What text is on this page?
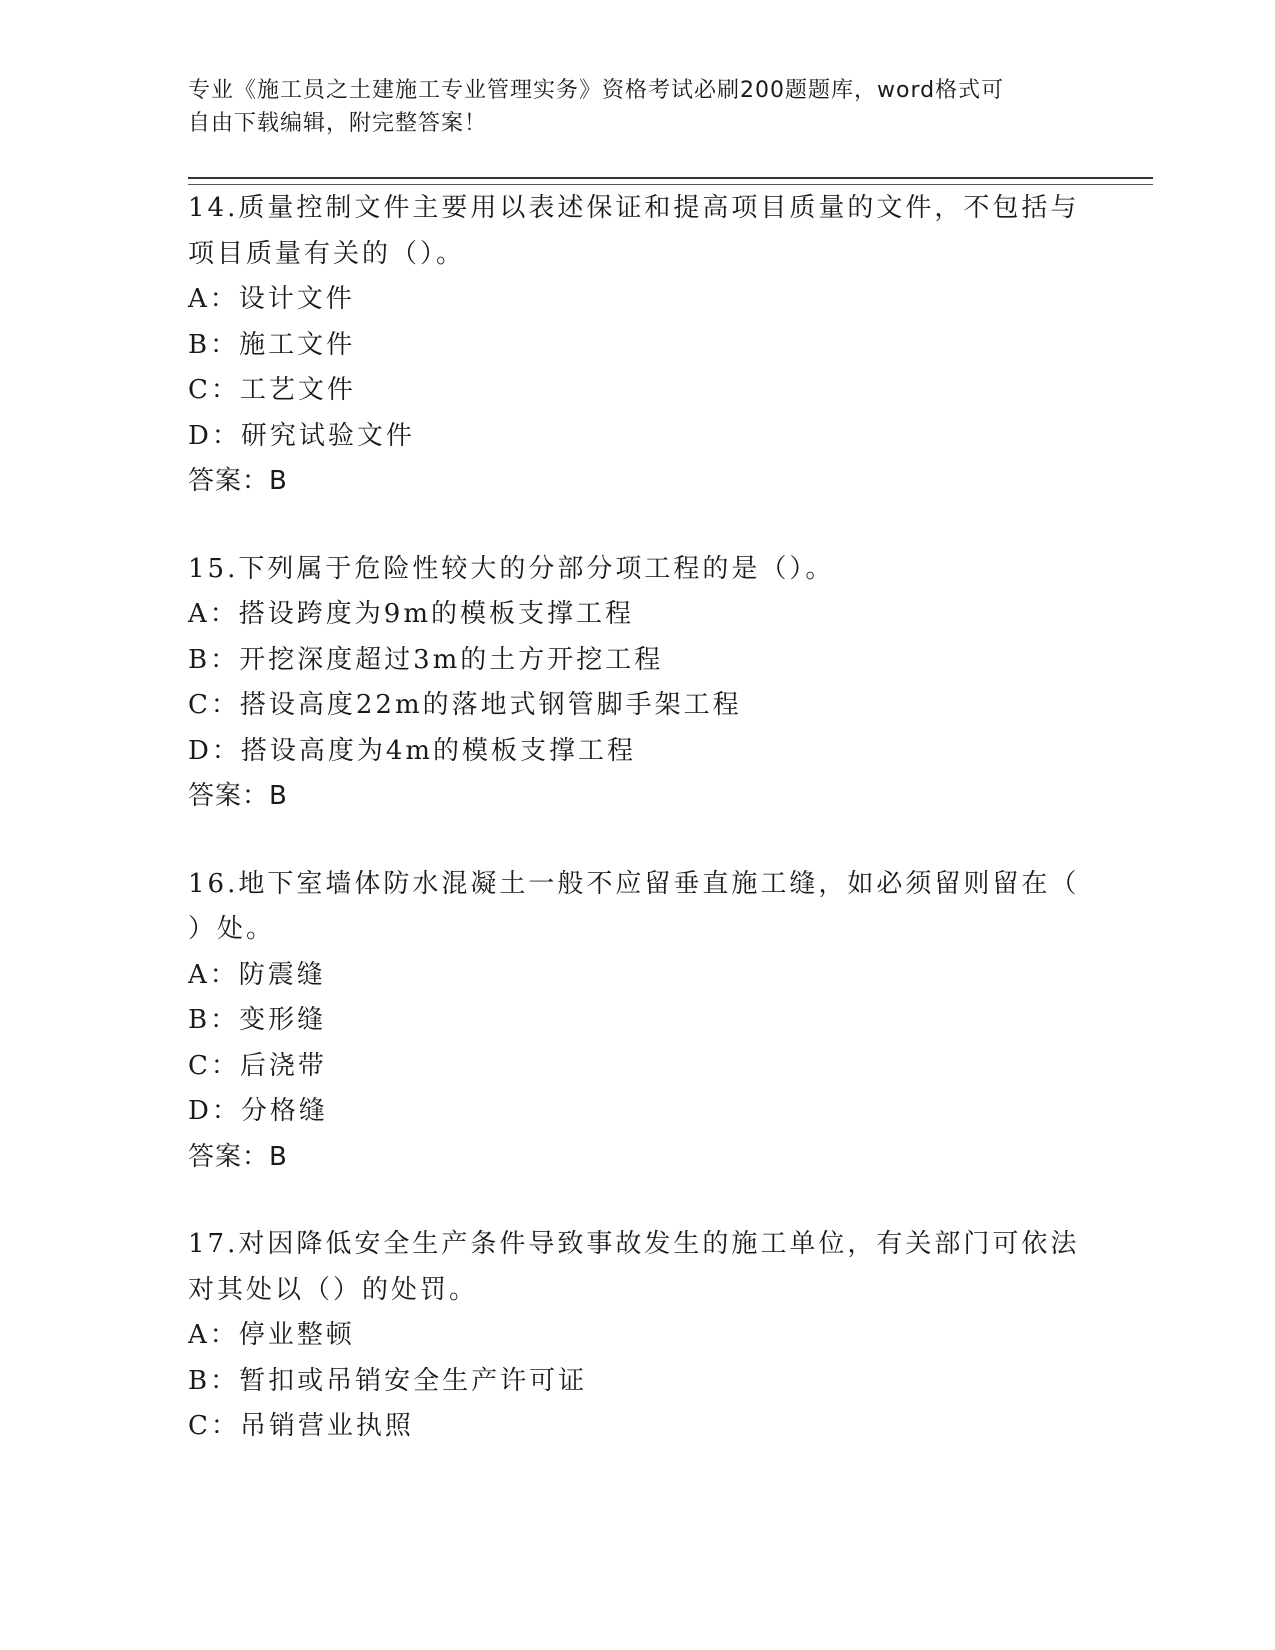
专业《施工员之土建施工专业管理实务》资格考试必刷200题题库，word格式可
自由下载编辑，附完整答案！
14.质量控制文件主要用以表述保证和提高项目质量的文件，不包括与
项目质量有关的（）。
A：设计文件
B：施工文件
C：工艺文件
D：研究试验文件
答案：B
15.下列属于危险性较大的分部分项工程的是（）。
A：搭设跨度为9m的模板支撑工程
B：开挖深度超过3m的土方开挖工程
C：搭设高度22m的落地式钢管脚手架工程
D：搭设高度为4m的模板支撑工程
答案：B
16.地下室墙体防水混凝土一般不应留垂直施工缝，如必须留则留在（
）处。
A：防震缝
B：变形缝
C：后浇带
D：分格缝
答案：B
17.对因降低安全生产条件导致事故发生的施工单位，有关部门可依法
对其处以（）的处罚。
A：停业整顿
B：暂扣或吊销安全生产许可证
C：吊销营业执照
